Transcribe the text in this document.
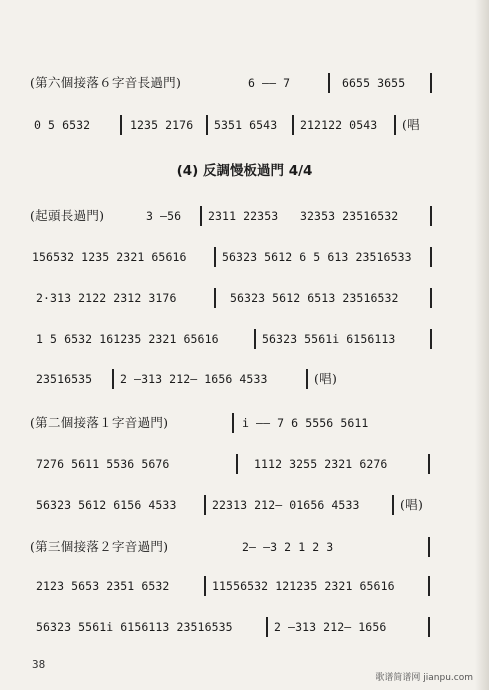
(第六個接落６字音長過門)	6 —— 7	6655 3655
0 5 6532	1235 2176 5351 6543 212122 0543 (唱
(4) 反調慢板過門 4/4
(起頭長過門)	3 —56 2311 22353 32353 23516532
156532 1235 2321 65616	56323 5612 6 5 613 23516533
2·313 2122 2312 3176	56323 5612 6513 23516532
1 5 6532 161235 2321 65616	56323 5561i 6156113
23516535 2 —313 212— 1656 4533	(唱)
(第二個接落１字音過門)	i —— 7 6 5556 5611
7276 5611 5536 5676	1112 3255 2321 6276
56323 5612 6156 4533	22313 212— 01656 4533	(唱)
(第三個接落２字音過門)	2— —3 2 1 2 3
2123 5653 2351 6532	11556532 121235 2321 65616
56323 5561i 6156113 23516535	2 —313 212— 1656
38
歌谱简谱网 jianpu.com
